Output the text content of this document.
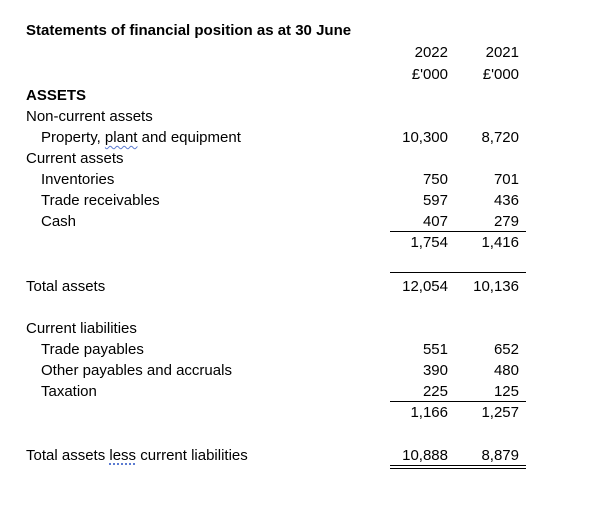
Statements of financial position as at 30 June
2022	2021
£'000 £'000
ASSETS
Non-current assets
Property, plant and equipment	10,300 8,720
Current assets
Inventories	750	701
Trade receivables	597	436
Cash	407	279
1,754 1,416
Total assets	12,054 10,136
Current liabilities
Trade payables	551	652
Other payables and accruals	390	480
Taxation	225	125
1,166 1,257
Total assets less current liabilities	10,888 8,879
